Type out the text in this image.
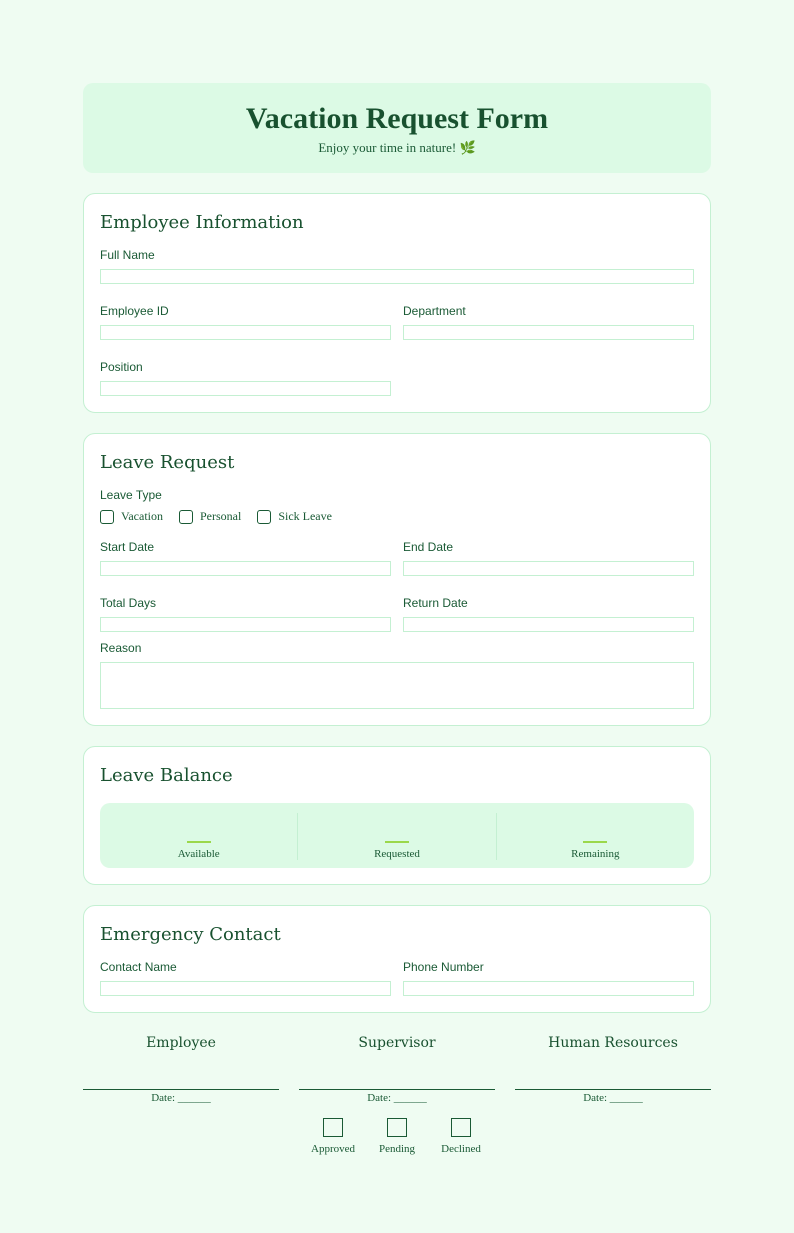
Vacation Request Form
Enjoy your time in nature! 🌿
Employee Information
Full Name
Employee ID	Department
Position
Leave Request
Leave Type
Vacation	Personal	Sick Leave
Start Date	End Date
Total Days	Return Date
Reason
Leave Balance
Available	Requested	Remaining
Emergency Contact
Contact Name	Phone Number
Employee
Date: ______
Supervisor
Date: ______
Human Resources
Date: ______
Approved Pending Declined
